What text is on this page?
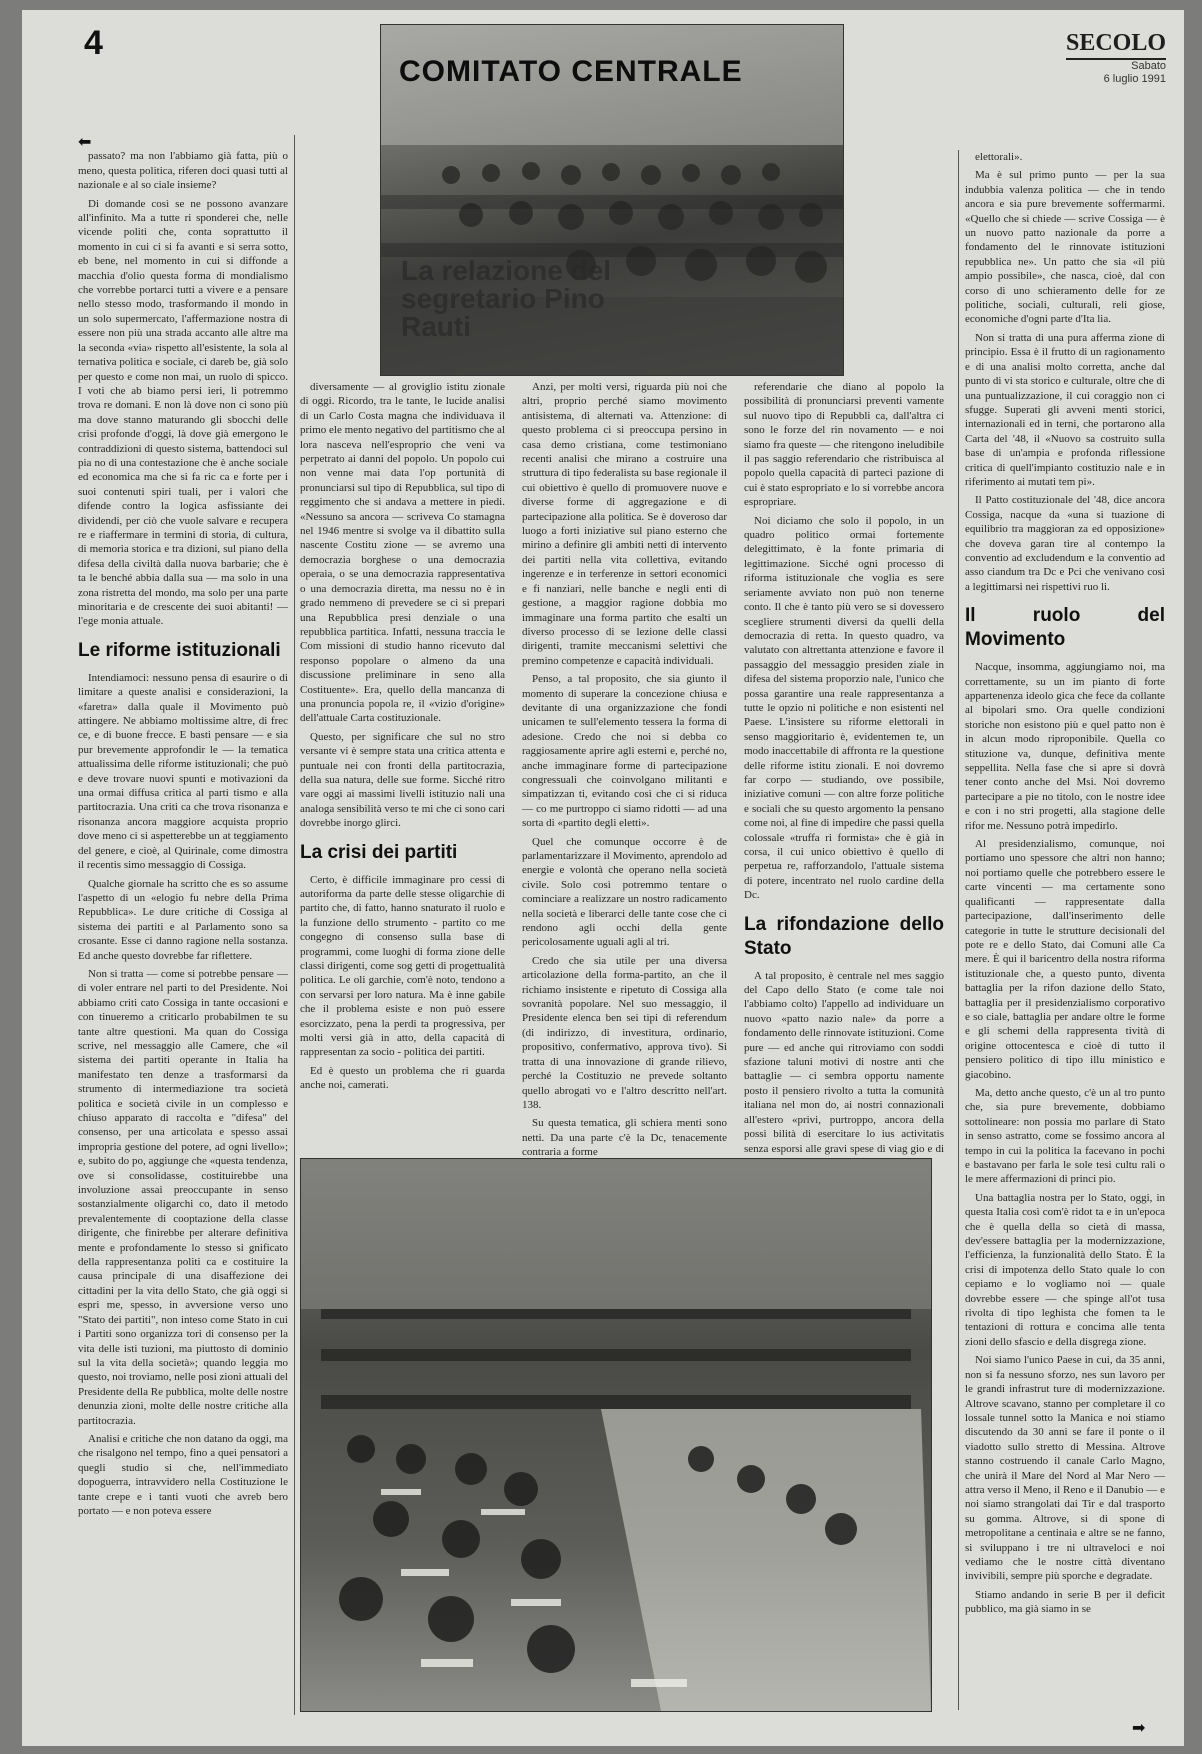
4	SECOLO
Sabato
6 luglio 1991
COMITATO CENTRALE
La relazione del segretario Pino Rauti
⬅

passato? ma non l'abbiamo già fatta, più o meno, questa politica, riferen doci quasi tutti al nazionale e al so ciale insieme?

Di domande così se ne possono avanzare all'infinito. Ma a tutte ri sponderei che, nelle vicende politi che, conta soprattutto il momento in cui ci si fa avanti e si serra sotto, eb bene, nel momento in cui si diffonde a macchia d'olio questa forma di mondialismo che vorrebbe portarci tutti a vivere e a pensare nello stesso modo, trasformando il mondo in un solo supermercato, l'affermazione nostra di essere non più una strada accanto alle altre ma la seconda «via» rispetto all'esistente, la sola al ternativa politica e sociale, ci dareb be, già solo per questo e come non mai, un ruolo di spicco. I voti che ab biamo persi ieri, li potremmo trova re domani. E non là dove non ci sono più ma dove stanno maturando gli sbocchi delle crisi profonde d'oggi, là dove già emergono le contraddizioni di questo sistema, battendoci sul pia no di una contestazione che è anche sociale ed economica ma che si fa ric ca e forte per i suoi contenuti spiri tuali, per i valori che difende contro la logica asfissiante dei dividendi, per ciò che vuole salvare e recupera re e riaffermare in termini di storia, di cultura, di memoria storica e tra dizioni, sul piano della difesa della civiltà dalla nuova barbarie; che è ta le benché abbia dalla sua — ma solo in una zona ristretta del mondo, ma solo per una parte minoritaria e de crescente dei suoi abitanti! — l'ege monia attuale.

Le riforme istituzionali

Intendiamoci: nessuno pensa di esaurire o di limitare a queste analisi e considerazioni, la «faretra» dalla quale il Movimento può attingere. Ne abbiamo moltissime altre, di frec ce, e di buone frecce. E basti pensare — e sia pur brevemente approfondir le — la tematica attualissima delle riforme istituzionali; che può e deve trovare nuovi spunti e motivazioni da una ormai diffusa critica al parti tismo e alla partitocrazia. Una criti ca che trova risonanza e risonanza ancora maggiore acquista proprio dove meno ci si aspetterebbe un at teggiamento del genere, e cioè, al Quirinale, come dimostra il recentis simo messaggio di Cossiga.

Qualche giornale ha scritto che es so assume l'aspetto di un «elogio fu nebre della Prima Repubblica». Le dure critiche di Cossiga al sistema dei partiti e al Parlamento sono sa crosante. Esse ci danno ragione nella sostanza. Ed anche questo dovrebbe far riflettere.

Non si tratta — come si potrebbe pensare — di voler entrare nel parti to del Presidente. Noi abbiamo criti cato Cossiga in tante occasioni e con tinueremo a criticarlo probabilmen te su tante altre questioni. Ma quan do Cossiga scrive, nel messaggio alle Camere, che «il sistema dei partiti operante in Italia ha manifestato ten denze a trasformarsi da strumento di intermediazione tra società politica e società civile in un complesso e chiuso apparato di raccolta e "difesa" del consenso, per una articolata e spesso assai impropria gestione del potere, ad ogni livello»; e, subito do po, aggiunge che «questa tendenza, ove si consolidasse, costituirebbe una involuzione assai preoccupante in senso sostanzialmente oligarchi co, dato il metodo prevalentemente di cooptazione della classe dirigente, che finirebbe per alterare definitiva mente e profondamente lo stesso si gnificato della rappresentanza politi ca e costituire la causa principale di una disaffezione dei cittadini per la vita dello Stato, che già oggi si espri me, spesso, in avversione verso uno "Stato dei partiti", non inteso come Stato in cui i Partiti sono organizza tori di consenso per la vita delle isti tuzioni, ma piuttosto di dominio sul la vita della società»; quando leggia mo questo, noi troviamo, nelle posi zioni attuali del Presidente della Re pubblica, molte delle nostre denunzia zioni, molte delle nostre critiche alla partitocrazia.

Analisi e critiche che non datano da oggi, ma che risalgono nel tempo, fino a quei pensatori a quegli studio si che, nell'immediato dopoguerra, intravvidero nella Costituzione le tante crepe e i tanti vuoti che avreb bero portato — e non poteva essere

diversamente — al groviglio istitu zionale di oggi. Ricordo, tra le tante, le lucide analisi di un Carlo Costa magna che individuava il primo ele mento negativo del partitismo che al lora nasceva nell'esproprio che veni va perpetrato ai danni del popolo. Un popolo cui non venne mai data l'op portunità di pronunciarsi sul tipo di Repubblica, sul tipo di reggimento che si andava a mettere in piedi. «Nessuno sa ancora — scriveva Co stamagna nel 1946 mentre si svolge va il dibattito sulla nascente Costitu zione — se avremo una democrazia borghese o una democrazia operaia, o se una democrazia rappresentativa o una democrazia diretta, ma nessu no è in grado nemmeno di prevedere se ci si prepari una Repubblica presi denziale o una repubblica partitica. Infatti, nessuna traccia le Com missioni di studio hanno ricevuto dal responso popolare o almeno da una discussione preliminare in seno alla Costituente». Era, quello della mancanza di una pronuncia popola re, il «vizio d'origine» dell'attuale Carta costituzionale.

Questo, per significare che sul no stro versante vi è sempre stata una critica attenta e puntuale nei con fronti della partitocrazia, della sua natura, delle sue forme. Sicché ritro vare oggi ai massimi livelli istituzio nali una analoga sensibilità verso te mi che ci sono cari dovrebbe inorgo glirci.

La crisi dei partiti

Certo, è difficile immaginare pro cessi di autoriforma da parte delle stesse oligarchie di partito che, di fatto, hanno snaturato il ruolo e la funzione dello strumento - partito co me congegno di consenso sulla base di programmi, come luoghi di forma zione delle classi dirigenti, come sog getti di progettualità politica. Le oli garchie, com'è noto, tendono a con servarsi per loro natura. Ma è inne gabile che il problema esiste e non può essere esorcizzato, pena la perdi ta progressiva, per molti versi già in atto, della capacità di rappresentan za socio - politica dei partiti.

Ed è questo un problema che ri guarda anche noi, camerati.

Anzi, per molti versi, riguarda più noi che altri, proprio perché siamo movimento antisistema, di alternati va. Attenzione: di questo problema ci si preoccupa persino in casa demo cristiana, come testimoniano recenti analisi che mirano a costruire una struttura di tipo federalista su base regionale il cui obiettivo è quello di promuovere nuove e diverse forme di aggregazione e di partecipazione alla politica. Se è doveroso dar luogo a forti iniziative sul piano esterno che mirino a definire gli ambiti netti di intervento dei partiti nella vita collettiva, evitando ingerenze e in terferenze in settori economici e fi nanziari, nelle banche e negli enti di gestione, a maggior ragione dobbia mo immaginare una forma partito che esalti un diverso processo di se lezione delle classi dirigenti, tramite meccanismi selettivi che premino competenze e capacità individuali.

Penso, a tal proposito, che sia giunto il momento di superare la concezione chiusa e devitante di una organizzazione che fondi unicamen te sull'elemento tessera la forma di adesione. Credo che noi si debba co raggiosamente aprire agli esterni e, perché no, anche immaginare forme di partecipazione congressuali che coinvolgano militanti e simpatizzan ti, evitando così che ci si riduca — co me purtroppo ci siamo ridotti — ad una sorta di «partito degli eletti».

Quel che comunque occorre è de parlamentarizzare il Movimento, aprendolo ad energie e volontà che operano nella società civile. Solo così potremmo tentare o cominciare a realizzare un nostro radicamento nella società e liberarci delle tante cose che ci rendono agli occhi della gente pericolosamente uguali agli al tri.

Credo che sia utile per una diversa articolazione della forma-partito, an che il richiamo insistente e ripetuto di Cossiga alla sovranità popolare. Nel suo messaggio, il Presidente elenca ben sei tipi di referendum (di indirizzo, di investitura, ordinario, propositivo, confermativo, approva tivo). Si tratta di una innovazione di grande rilievo, perché la Costituzio ne prevede soltanto quello abrogati vo e l'altro descritto nell'art. 138.

Su questa tematica, gli schiera menti sono netti. Da una parte c'è la Dc, tenacemente contraria a forme

referendarie che diano al popolo la possibilità di pronunciarsi preventi vamente sul nuovo tipo di Repubbli ca, dall'altra ci sono le forze del rin novamento — e noi siamo fra queste — che ritengono ineludibile il pas saggio referendario che ristribuisca al popolo quella capacità di parteci pazione di cui è stato espropriato e lo si vorrebbe ancora espropriare.

Noi diciamo che solo il popolo, in un quadro politico ormai fortemente delegittimato, è la fonte primaria di legittimazione. Sicché ogni processo di riforma istituzionale che voglia es sere seriamente avviato non può non tenerne conto. Il che è tanto più vero se si dovessero scegliere strumenti diversi da quelli della democrazia di retta. In questo quadro, va valutato con altrettanta attenzione e favore il passaggio del messaggio presiden ziale in difesa del sistema proporzio nale, l'unico che possa garantire una reale rappresentanza a tutte le opzio ni politiche e non esistenti nel Paese. L'insistere su riforme elettorali in senso maggioritario è, evidentemen te, un modo inaccettabile di affronta re la questione delle riforme istitu zionali. E noi dovremo far corpo — studiando, ove possibile, iniziative comuni — con altre forze politiche e sociali che su questo argomento la pensano come noi, al fine di impedire che passi quella colossale «truffa ri formista» che è già in corsa, il cui unico obiettivo è quello di perpetua re, rafforzandolo, l'attuale sistema di potere, incentrato nel ruolo cardine della Dc.

La rifondazione dello Stato

A tal proposito, è centrale nel mes saggio del Capo dello Stato (e come tale noi l'abbiamo colto) l'appello ad individuare un nuovo «patto nazio nale» da porre a fondamento delle rinnovate istituzioni. Come pure — ed anche qui ritroviamo con soddi sfazione taluni motivi di nostre anti che battaglie — ci sembra opportu namente posto il pensiero rivolto a tutta la comunità italiana nel mon do, ai nostri connazionali all'estero «privi, purtroppo, ancora della possi bilità di esercitare lo ius activitatis senza esporsi alle gravi spese di viag gio e di

elettorali».

Ma è sul primo punto — per la sua indubbia valenza politica — che in tendo ancora e sia pure brevemente soffermarmi. «Quello che si chiede — scrive Cossiga — è un nuovo patto nazionale da porre a fondamento del le rinnovate istituzioni repubblica ne». Un patto che sia «il più ampio possibile», che nasca, cioè, dal con corso di uno schieramento delle for ze politiche, sociali, culturali, reli giose, economiche d'ogni parte d'Ita lia.

Non si tratta di una pura afferma zione di principio. Essa è il frutto di un ragionamento e di una analisi molto corretta, anche dal punto di vi sta storico e culturale, oltre che di una puntualizzazione, il cui coraggio non ci sfugge. Superati gli avveni menti storici, internazionali ed in terni, che portarono alla Carta del '48, il «Nuovo sa costruito sulla base di un'ampia e profonda riflessione critica di quell'impianto costituzio nale e in riferimento ai mutati tem pi».

Il Patto costituzionale del '48, dice ancora Cossiga, nacque da «una si tuazione di equilibrio tra maggioran za ed opposizione» che doveva garan tire al contempo la conventio ad excludendum e la conventio ad asso ciandum tra Dc e Pci che venivano così a legittimarsi nei rispettivi ruo li.

Il ruolo del Movimento

Nacque, insomma, aggiungiamo noi, ma correttamente, su un im pianto di forte appartenenza ideolo gica che fece da collante al bipolari smo. Ora quelle condizioni storiche non esistono più e quel patto non è in alcun modo riproponibile. Quella co stituzione va, dunque, definitiva mente seppellita. Nella fase che si apre si dovrà tener conto anche del Msi. Noi dovremo partecipare a pie no titolo, con le nostre idee e con i no stri progetti, alla stagione delle rifor me. Nessuno potrà impedirlo.

Al presidenzialismo, comunque, noi portiamo uno spessore che altri non hanno; noi portiamo quelle che potrebbero essere le carte vincenti — ma certamente sono qualificanti — rappresentate dalla partecipazione, dall'inserimento delle categorie in tutte le strutture decisionali del pote re e dello Stato, dai Comuni alle Ca mere. È qui il baricentro della nostra riforma istituzionale che, a questo punto, diventa battaglia per la rifon dazione dello Stato, battaglia per il presidenzialismo corporativo e so ciale, battaglia per andare oltre le forme e gli schemi della rappresenta tività di origine ottocentesca e cioè di tutto il pensiero politico di tipo illu ministico e giacobino.

Ma, detto anche questo, c'è un al tro punto che, sia pure brevemente, dobbiamo sottolineare: non possia mo parlare di Stato in senso astratto, come se fossimo ancora al tempo in cui la politica la facevano in pochi e bastavano per farla le sole tesi cultu rali o le mere affermazioni di princi pio.

Una battaglia nostra per lo Stato, oggi, in questa Italia così com'è ridot ta e in un'epoca che è quella della so cietà di massa, dev'essere battaglia per la modernizzazione, l'efficienza, la funzionalità dello Stato. È la crisi di impotenza dello Stato quale lo con cepiamo e lo vogliamo noi — quale dovrebbe essere — che spinge all'ot tusa rivolta di tipo leghista che fomen ta le tentazioni di rottura e concima alle tenta zioni dello sfascio e della disgrega zione.

Noi siamo l'unico Paese in cui, da 35 anni, non si fa nessuno sforzo, nes sun lavoro per le grandi infrastrut ture di modernizzazione. Altrove scavano, stanno per completare il co lossale tunnel sotto la Manica e noi stiamo discutendo da 30 anni se fare il ponte o il viadotto sullo stretto di Messina. Altrove stanno costruendo il canale Carlo Magno, che unirà il Mare del Nord al Mar Nero — attra verso il Meno, il Reno e il Danubio — e noi siamo strangolati dai Tir e dal trasporto su gomma. Altrove, si di spone di metropolitane a centinaia e altre se ne fanno, si sviluppano i tre ni ultraveloci e noi vediamo che le nostre città diventano invivibili, sempre più sporche e degradate.

Stiamo andando in serie B per il deficit pubblico, ma già siamo in se

➡
